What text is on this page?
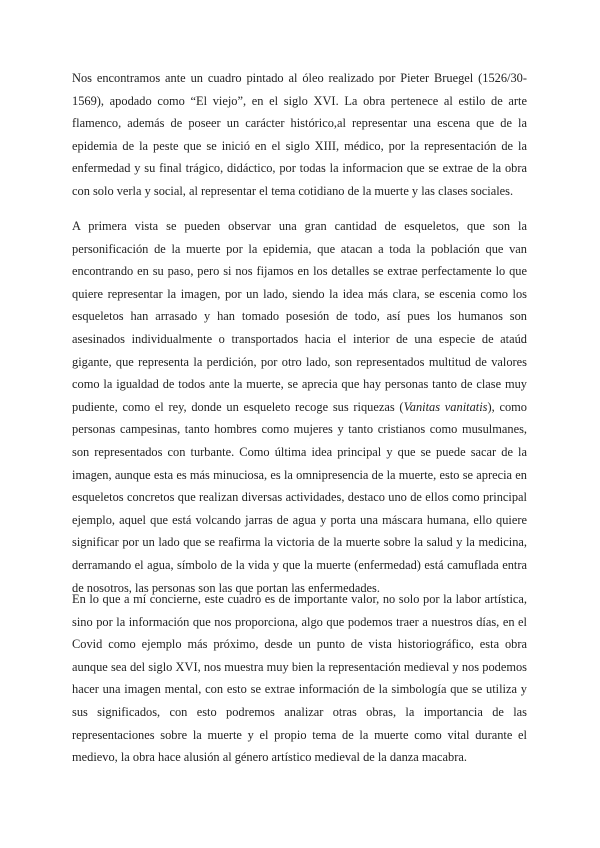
Nos encontramos ante un cuadro pintado al óleo realizado por Pieter Bruegel (1526/30-1569), apodado como “El viejo”, en el siglo XVI. La obra pertenece al estilo de arte flamenco, además de poseer un carácter histórico,al representar una escena que de la epidemia de la peste que se inició en el siglo XIII, médico, por la representación de la enfermedad y su final trágico, didáctico, por todas la informacion que se extrae de la obra con solo verla y social, al representar el tema cotidiano de la muerte y las clases sociales.

A primera vista se pueden observar una gran cantidad de esqueletos, que son la personificación de la muerte por la epidemia, que atacan a toda la población que van encontrando en su paso, pero si nos fijamos en los detalles se extrae perfectamente lo que quiere representar la imagen, por un lado, siendo la idea más clara, se esceniа como los esqueletos han arrasado y han tomado posesión de todo, así pues los humanos son asesinados individualmente o transportados hacia el interior de una especie de ataúd gigante, que representa la perdición, por otro lado, son representados multitud de valores como la igualdad de todos ante la muerte, se aprecia que hay personas tanto de clase muy pudiente, como el rey, donde un esqueleto recoge sus riquezas (Vanitas vanitatis), como personas campesinas, tanto hombres como mujeres y tanto cristianos como musulmanes, son representados con turbante. Como última idea principal y que se puede sacar de la imagen, aunque esta es más minuciosa, es la omnipresencia de la muerte, esto se aprecia en esqueletos concretos que realizan diversas actividades, destaco uno de ellos como principal ejemplo, aquel que está volcando jarras de agua y porta una máscara humana, ello quiere significar por un lado que se reafirma la victoria de la muerte sobre la salud y la medicina, derramando el agua, símbolo de la vida y que la muerte (enfermedad) está camuflada entra de nosotros, las personas son las que portan las enfermedades.

En lo que a mí concierne, este cuadro es de importante valor, no solo por la labor artística, sino por la información que nos proporciona, algo que podemos traer a nuestros días, en el Covid como ejemplo más próximo, desde un punto de vista historiográfico, esta obra aunque sea del siglo XVI, nos muestra muy bien la representación medieval y nos podemos hacer una imagen mental, con esto se extrae información de la simbología que se utiliza y sus significados, con esto podremos analizar otras obras, la importancia de las representaciones sobre la muerte y el propio tema de la muerte como vital durante el medievo, la obra hace alusión al género artístico medieval de la danza macabra.
